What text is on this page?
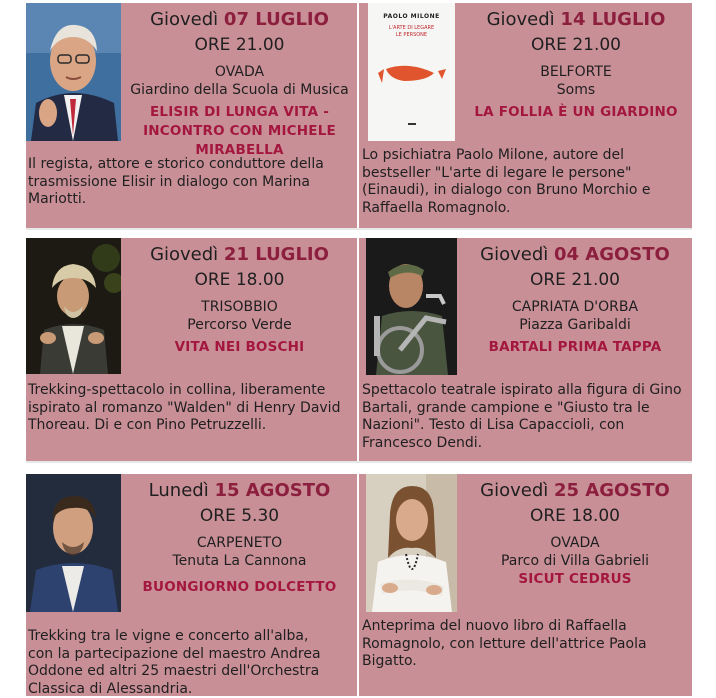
Giovedì 07 LUGLIO
ORE 21.00
OVADA
Giardino della Scuola di Musica
ELISIR DI LUNGA VITA -
INCONTRO CON MICHELE
MIRABELLA
Il regista, attore e storico conduttore della
trasmissione Elisir in dialogo con Marina
Mariotti.
PAOLO MILONE
L'ARTE DI LEGARE
LE PERSONE
Giovedì 14 LUGLIO
ORE 21.00
BELFORTE
Soms
LA FOLLIA È UN GIARDINO
Lo psichiatra Paolo Milone, autore del
bestseller "L'arte di legare le persone"
(Einaudi), in dialogo con Bruno Morchio e
Raffaella Romagnolo.
Giovedì 21 LUGLIO
ORE 18.00
TRISOBBIO
Percorso Verde
VITA NEI BOSCHI
Trekking-spettacolo in collina, liberamente
ispirato al romanzo "Walden" di Henry David
Thoreau. Di e con Pino Petruzzelli.
Giovedì 04 AGOSTO
ORE 21.00
CAPRIATA D'ORBA
Piazza Garibaldi
BARTALI PRIMA TAPPA
Spettacolo teatrale ispirato alla figura di Gino
Bartali, grande campione e "Giusto tra le
Nazioni". Testo di Lisa Capaccioli, con
Francesco Dendi.
Lunedì 15 AGOSTO
ORE 5.30
CARPENETO
Tenuta La Cannona
BUONGIORNO DOLCETTO
Trekking tra le vigne e concerto all'alba,
con la partecipazione del maestro Andrea
Oddone ed altri 25 maestri dell'Orchestra
Classica di Alessandria.
Giovedì 25 AGOSTO
ORE 18.00
OVADA
Parco di Villa Gabrieli
SICUT CEDRUS
Anteprima del nuovo libro di Raffaella
Romagnolo, con letture dell'attrice Paola
Bigatto.
